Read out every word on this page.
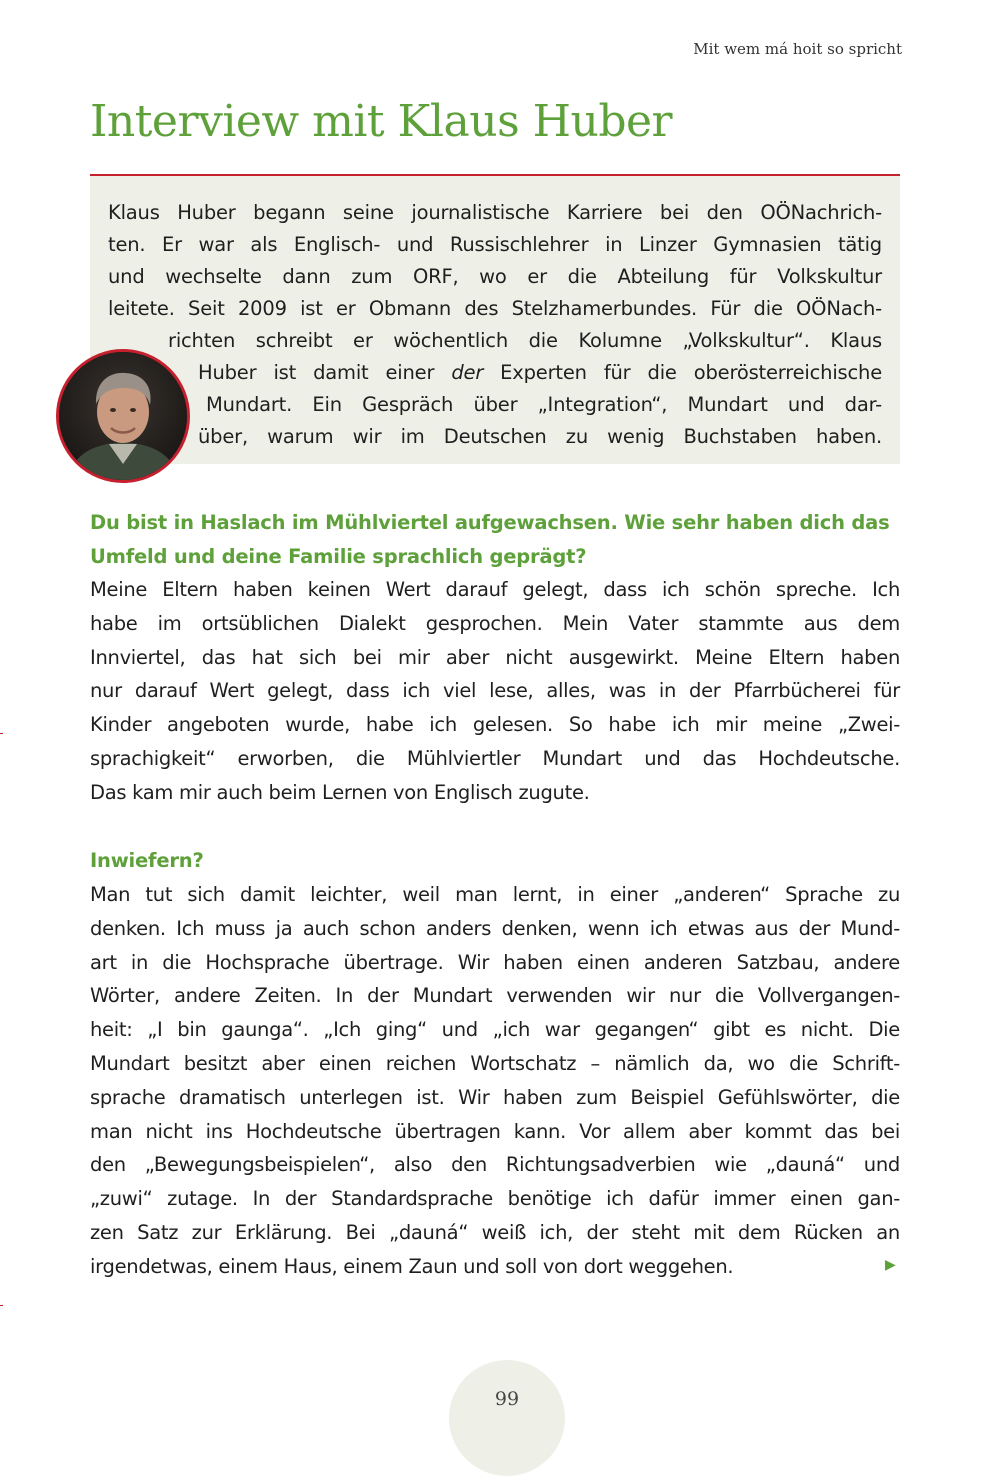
Mit wem má hoit so spricht
Interview mit Klaus Huber
Klaus Huber begann seine journalistische Karriere bei den OÖNachrich-
ten. Er war als Englisch- und Russischlehrer in Linzer Gymnasien tätig
und wechselte dann zum ORF, wo er die Abteilung für Volkskultur
leitete. Seit 2009 ist er Obmann des Stelzhamerbundes. Für die OÖNach-
richten schreibt er wöchentlich die Kolumne „Volkskultur“. Klaus
Huber ist damit einer der Experten für die oberösterreichische
Mundart. Ein Gespräch über „Integration“, Mundart und dar-
über, warum wir im Deutschen zu wenig Buchstaben haben.
Du bist in Haslach im Mühlviertel aufgewachsen. Wie sehr haben dich das
Umfeld und deine Familie sprachlich geprägt?
Meine Eltern haben keinen Wert darauf gelegt, dass ich schön spreche. Ich
habe im ortsüblichen Dialekt gesprochen. Mein Vater stammte aus dem
Innviertel, das hat sich bei mir aber nicht ausgewirkt. Meine Eltern haben
nur darauf Wert gelegt, dass ich viel lese, alles, was in der Pfarrbücherei für
Kinder angeboten wurde, habe ich gelesen. So habe ich mir meine „Zwei-
sprachigkeit“ erworben, die Mühlviertler Mundart und das Hochdeutsche.
Das kam mir auch beim Lernen von Englisch zugute.
Inwiefern?
Man tut sich damit leichter, weil man lernt, in einer „anderen“ Sprache zu
denken. Ich muss ja auch schon anders denken, wenn ich etwas aus der Mund-
art in die Hochsprache übertrage. Wir haben einen anderen Satzbau, andere
Wörter, andere Zeiten. In der Mundart verwenden wir nur die Vollvergangen-
heit: „I bin gaunga“. „Ich ging“ und „ich war gegangen“ gibt es nicht. Die
Mundart besitzt aber einen reichen Wortschatz – nämlich da, wo die Schrift-
sprache dramatisch unterlegen ist. Wir haben zum Beispiel Gefühlswörter, die
man nicht ins Hochdeutsche übertragen kann. Vor allem aber kommt das bei
den „Bewegungsbeispielen“, also den Richtungsadverbien wie „dauná“ und
„zuwi“ zutage. In der Standardsprache benötige ich dafür immer einen gan-
zen Satz zur Erklärung. Bei „dauná“ weiß ich, der steht mit dem Rücken an
irgendetwas, einem Haus, einem Zaun und soll von dort weggehen.	▶
99
